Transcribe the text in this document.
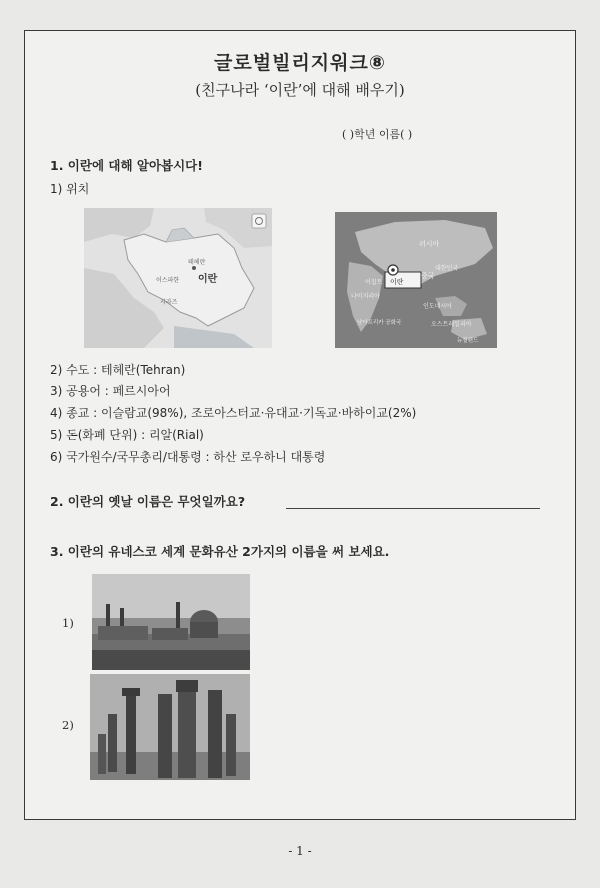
글로벌빌리지워크⑧
(친구나라 ‘이란’에 대해 배우기)
( )학년 이름( )
1. 이란에 대해 알아봅시다!
1) 위치
이란
테헤란
이스파한
시라즈
이란
러시아
중국
대한민국
이집트
나이지리아
인도네시아
오스트레일리아
남아프리카 공화국
뉴질랜드
2) 수도 : 테헤란(Tehran)
3) 공용어 : 페르시아어
4) 종교 : 이슬람교(98%), 조로아스터교·유대교·기독교·바하이교(2%)
5) 돈(화폐 단위) : 리알(Rial)
6) 국가원수/국무총리/대통령 : 하산 로우하니 대통령
2. 이란의 옛날 이름은 무엇일까요?
3. 이란의 유네스코 세계 문화유산 2가지의 이름을 써 보세요.
1)
2)
- 1 -
